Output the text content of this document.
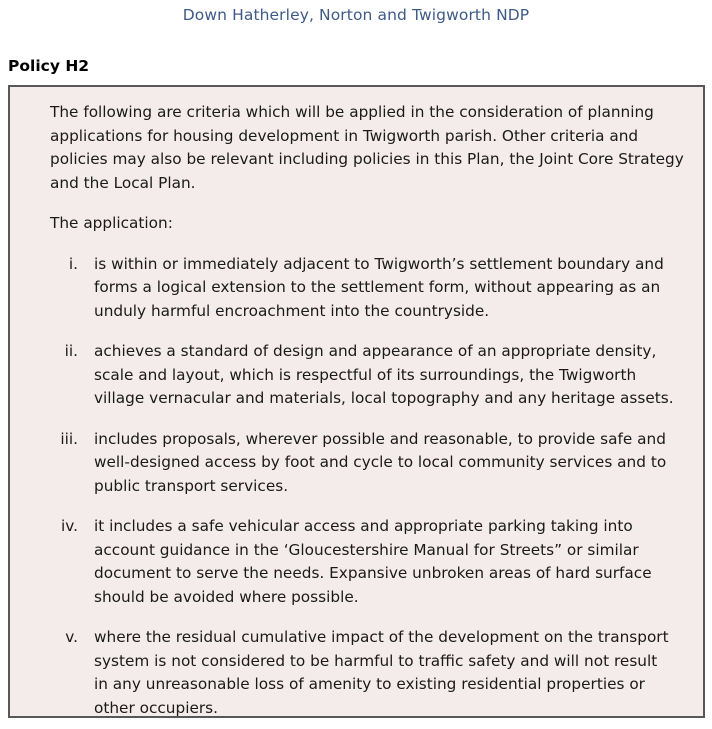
Down Hatherley, Norton and Twigworth NDP
Policy H2

The following are criteria which will be applied in the consideration of planning applications for housing development in Twigworth parish. Other criteria and policies may also be relevant including policies in this Plan, the Joint Core Strategy and the Local Plan.

The application:

i.	is within or immediately adjacent to Twigworth’s settlement boundary and forms a logical extension to the settlement form, without appearing as an unduly harmful encroachment into the countryside.
ii.	achieves a standard of design and appearance of an appropriate density, scale and layout, which is respectful of its surroundings, the Twigworth village vernacular and materials, local topography and any heritage assets.
iii.	includes proposals, wherever possible and reasonable, to provide safe and well-designed access by foot and cycle to local community services and to public transport services.
iv.	it includes a safe vehicular access and appropriate parking taking into account guidance in the ‘Gloucestershire Manual for Streets” or similar document to serve the needs. Expansive unbroken areas of hard surface should be avoided where possible.
v.	where the residual cumulative impact of the development on the transport system is not considered to be harmful to traffic safety and will not result in any unreasonable loss of amenity to existing residential properties or other occupiers.
